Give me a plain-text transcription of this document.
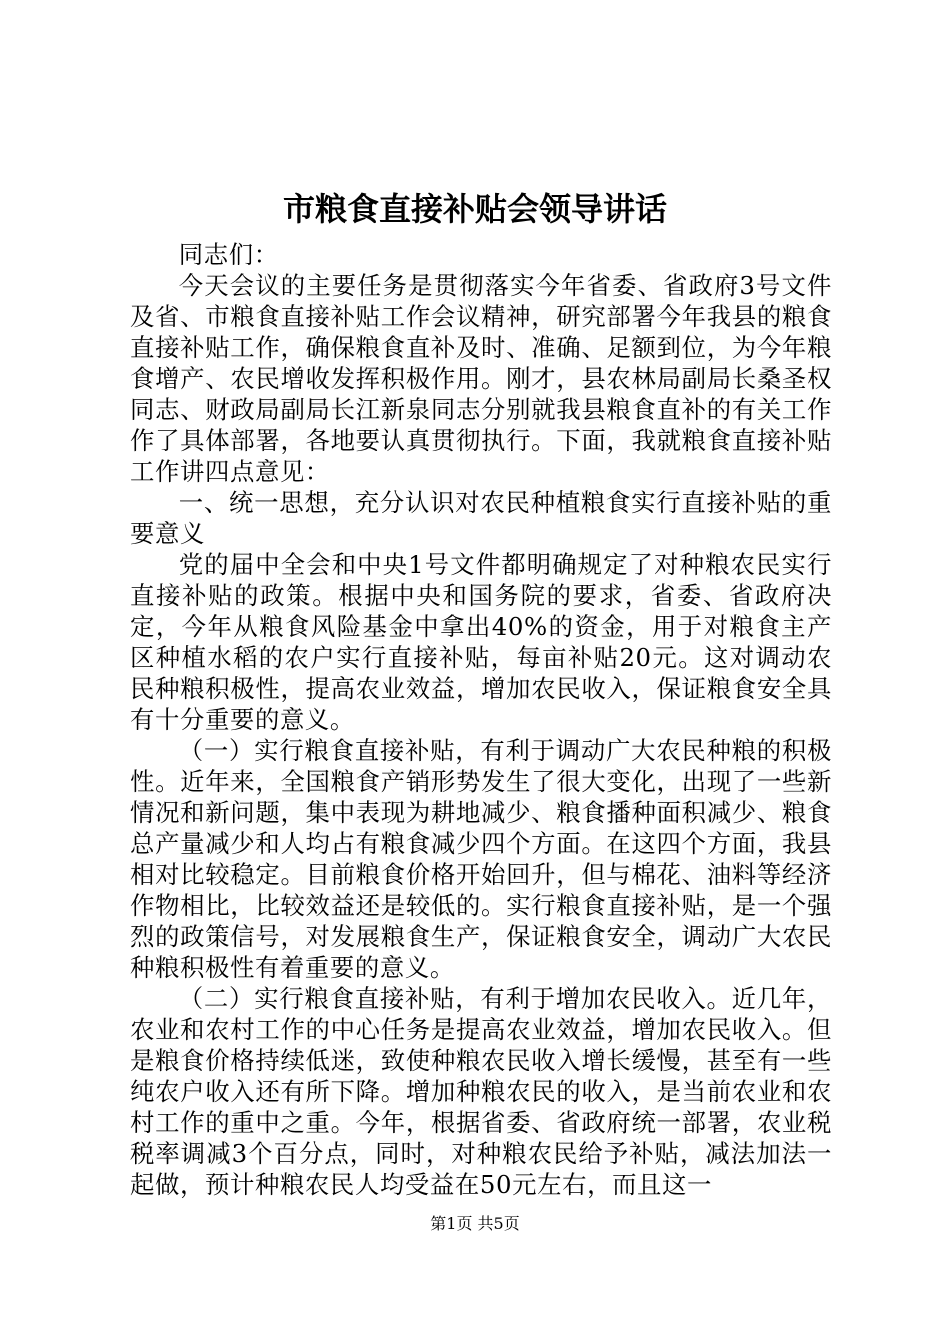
市粮食直接补贴会领导讲话

同志们：

今天会议的主要任务是贯彻落实今年省委、省政府3号文件及省、市粮食直接补贴工作会议精神，研究部署今年我县的粮食直接补贴工作，确保粮食直补及时、准确、足额到位，为今年粮食增产、农民增收发挥积极作用。刚才，县农林局副局长桑圣权同志、财政局副局长江新泉同志分别就我县粮食直补的有关工作作了具体部署，各地要认真贯彻执行。下面，我就粮食直接补贴工作讲四点意见：

一、统一思想，充分认识对农民种植粮食实行直接补贴的重要意义

党的届中全会和中央1号文件都明确规定了对种粮农民实行直接补贴的政策。根据中央和国务院的要求，省委、省政府决定，今年从粮食风险基金中拿出40%的资金，用于对粮食主产区种植水稻的农户实行直接补贴，每亩补贴20元。这对调动农民种粮积极性，提高农业效益，增加农民收入，保证粮食安全具有十分重要的意义。

（一）实行粮食直接补贴，有利于调动广大农民种粮的积极性。近年来，全国粮食产销形势发生了很大变化，出现了一些新情况和新问题，集中表现为耕地减少、粮食播种面积减少、粮食总产量减少和人均占有粮食减少四个方面。在这四个方面，我县相对比较稳定。目前粮食价格开始回升，但与棉花、油料等经济作物相比，比较效益还是较低的。实行粮食直接补贴，是一个强烈的政策信号，对发展粮食生产，保证粮食安全，调动广大农民种粮积极性有着重要的意义。

（二）实行粮食直接补贴，有利于增加农民收入。近几年，农业和农村工作的中心任务是提高农业效益，增加农民收入。但是粮食价格持续低迷，致使种粮农民收入增长缓慢，甚至有一些纯农户收入还有所下降。增加种粮农民的收入，是当前农业和农村工作的重中之重。今年，根据省委、省政府统一部署，农业税税率调减3个百分点，同时，对种粮农民给予补贴，减法加法一起做，预计种粮农民人均受益在50元左右，而且这一

第1页 共5页
